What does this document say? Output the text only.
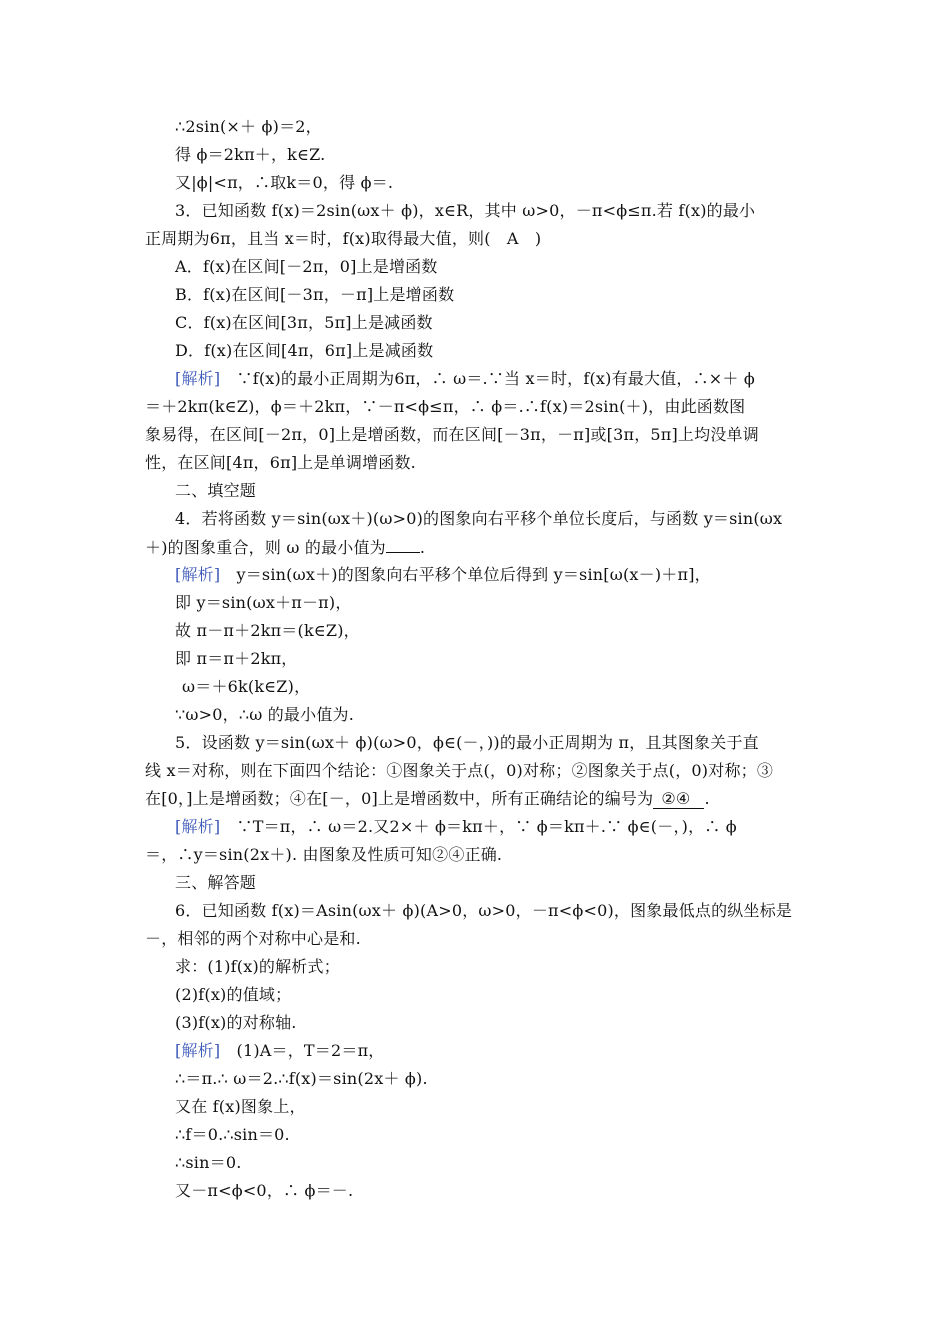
∴2sin(×＋ ϕ)＝2，
得 ϕ＝2kπ＋，k∈Z.
又|ϕ|<π，∴取k＝0，得 ϕ＝.
3．已知函数 f(x)＝2sin(ωx＋ ϕ)，x∈R，其中 ω>0，－π<ϕ≤π.若 f(x)的最小
正周期为6π，且当 x＝时，f(x)取得最大值，则(　A　)
A．f(x)在区间[－2π，0]上是增函数
B．f(x)在区间[－3π，－π]上是增函数
C．f(x)在区间[3π，5π]上是减函数
D．f(x)在区间[4π，6π]上是减函数
[解析]　∵f(x)的最小正周期为6π，∴ ω＝.∵当 x＝时，f(x)有最大值，∴×＋ ϕ
＝＋2kπ(k∈Z)，ϕ＝＋2kπ，∵－π<ϕ≤π，∴ ϕ＝.∴f(x)＝2sin(＋)，由此函数图
象易得，在区间[－2π，0]上是增函数，而在区间[－3π，－π]或[3π，5π]上均没单调
性，在区间[4π，6π]上是单调增函数.
二、填空题
4．若将函数 y＝sin(ωx＋)(ω>0)的图象向右平移个单位长度后，与函数 y＝sin(ωx
＋)的图象重合，则 ω 的最小值为 .
[解析]　y＝sin(ωx＋)的图象向右平移个单位后得到 y＝sin[ω(x－)＋π]，
即 y＝sin(ωx＋π－π)，
故 π－π＋2kπ＝(k∈Z)，
即 π＝π＋2kπ，
ω＝＋6k(k∈Z)，
∵ω>0，∴ω 的最小值为.
5．设函数 y＝sin(ωx＋ ϕ)(ω>0，ϕ∈(－，))的最小正周期为 π，且其图象关于直
线 x＝对称，则在下面四个结论：①图象关于点(，0)对称；②图象关于点(，0)对称；③
在[0，]上是增函数；④在[－，0]上是增函数中，所有正确结论的编号为 ②④ .
[解析]　∵T＝π，∴ ω＝2.又2×＋ ϕ＝kπ＋，∵ ϕ＝kπ＋.∵ ϕ∈(－，)，∴ ϕ
＝，∴y＝sin(2x＋). 由图象及性质可知②④正确.
三、解答题
6．已知函数 f(x)＝Asin(ωx＋ ϕ)(A>0，ω>0，－π<ϕ<0)，图象最低点的纵坐标是
－，相邻的两个对称中心是和.
求：(1)f(x)的解析式；
(2)f(x)的值域；
(3)f(x)的对称轴.
[解析]　(1)A＝，T＝2＝π，
∴＝π.∴ ω＝2.∴f(x)＝sin(2x＋ ϕ).
又在 f(x)图象上，
∴f＝0.∴sin＝0.
∴sin＝0.
又－π<ϕ<0，∴ ϕ＝－.
